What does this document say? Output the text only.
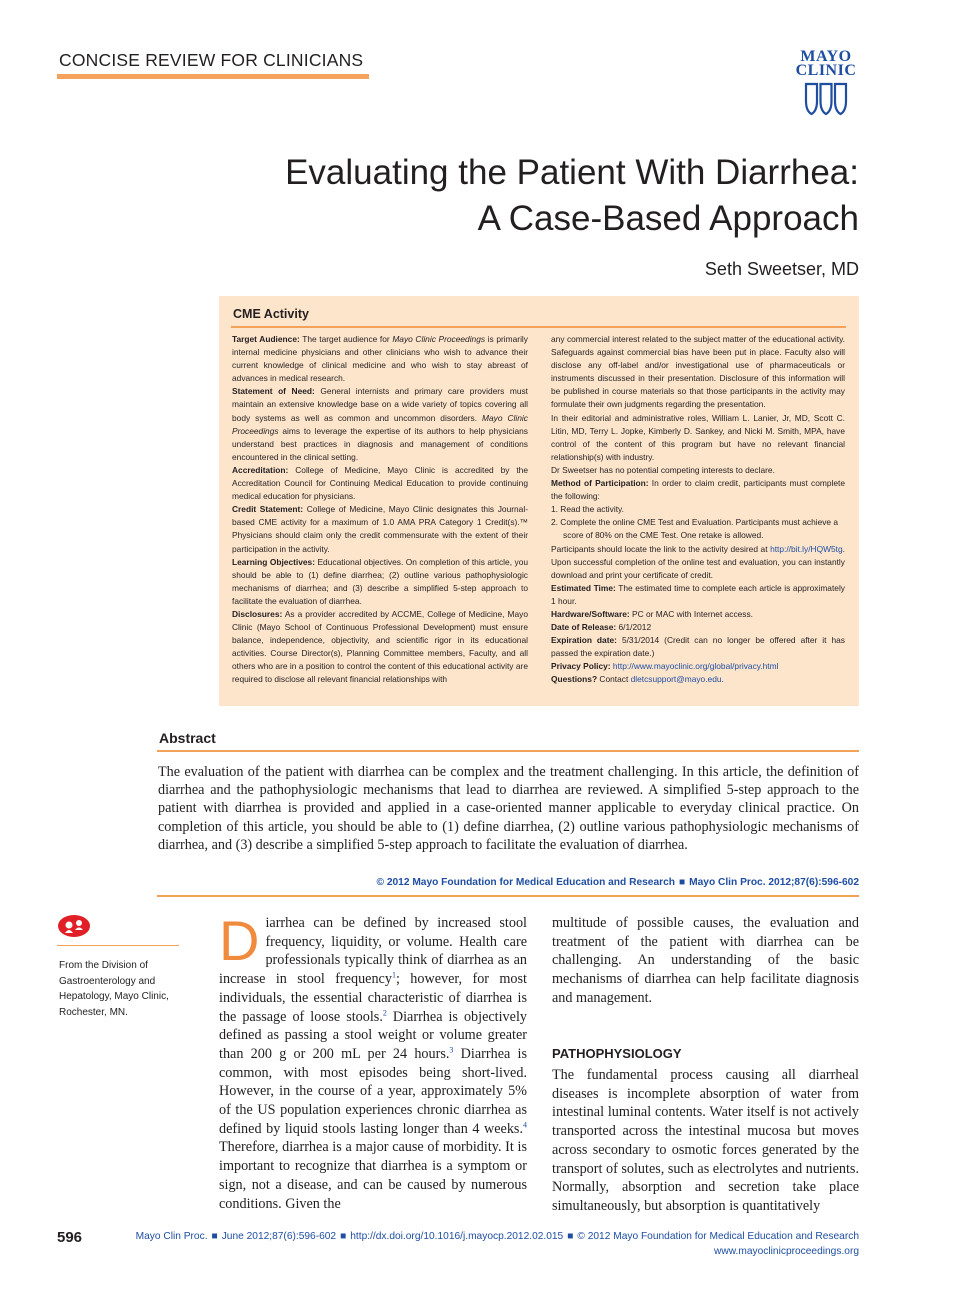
CONCISE REVIEW FOR CLINICIANS	MAYO
CLINIC
Evaluating the Patient With Diarrhea:
A Case-Based Approach
Seth Sweetser, MD
CME Activity

Target Audience: The target audience for Mayo Clinic Proceedings is primarily internal medicine physicians and other clinicians who wish to advance their current knowledge of clinical medicine and who wish to stay abreast of advances in medical research.

Statement of Need: General internists and primary care providers must maintain an extensive knowledge base on a wide variety of topics covering all body systems as well as common and uncommon disorders. Mayo Clinic Proceedings aims to leverage the expertise of its authors to help physicians understand best practices in diagnosis and management of conditions encountered in the clinical setting.

Accreditation: College of Medicine, Mayo Clinic is accredited by the Accreditation Council for Continuing Medical Education to provide continuing medical education for physicians.

Credit Statement: College of Medicine, Mayo Clinic designates this Journal-based CME activity for a maximum of 1.0 AMA PRA Category 1 Credit(s).™ Physicians should claim only the credit commensurate with the extent of their participation in the activity.

Learning Objectives: Educational objectives. On completion of this article, you should be able to (1) define diarrhea; (2) outline various pathophysiologic mechanisms of diarrhea; and (3) describe a simplified 5-step approach to facilitate the evaluation of diarrhea.

Disclosures: As a provider accredited by ACCME, College of Medicine, Mayo Clinic (Mayo School of Continuous Professional Development) must ensure balance, independence, objectivity, and scientific rigor in its educational activities. Course Director(s), Planning Committee members, Faculty, and all others who are in a position to control the content of this educational activity are required to disclose all relevant financial relationships with

any commercial interest related to the subject matter of the educational activity. Safeguards against commercial bias have been put in place. Faculty also will disclose any off-label and/or investigational use of pharmaceuticals or instruments discussed in their presentation. Disclosure of this information will be published in course materials so that those participants in the activity may formulate their own judgments regarding the presentation.

In their editorial and administrative roles, William L. Lanier, Jr, MD, Scott C. Litin, MD, Terry L. Jopke, Kimberly D. Sankey, and Nicki M. Smith, MPA, have control of the content of this program but have no relevant financial relationship(s) with industry.

Dr Sweetser has no potential competing interests to declare.

Method of Participation: In order to claim credit, participants must complete the following:

1. Read the activity.
2. Complete the online CME Test and Evaluation. Participants must achieve a score of 80% on the CME Test. One retake is allowed.

Participants should locate the link to the activity desired at http://bit.ly/HQW5tg. Upon successful completion of the online test and evaluation, you can instantly download and print your certificate of credit.

Estimated Time: The estimated time to complete each article is approximately 1 hour.

Hardware/Software: PC or MAC with Internet access.

Date of Release: 6/1/2012

Expiration date: 5/31/2014 (Credit can no longer be offered after it has passed the expiration date.)

Privacy Policy: http://www.mayoclinic.org/global/privacy.html

Questions? Contact dletcsupport@mayo.edu.

Abstract
The evaluation of the patient with diarrhea can be complex and the treatment challenging. In this article, the definition of diarrhea and the pathophysiologic mechanisms that lead to diarrhea are reviewed. A simplified 5-step approach to the patient with diarrhea is provided and applied in a case-oriented manner applicable to everyday clinical practice. On completion of this article, you should be able to (1) define diarrhea, (2) outline various pathophysiologic mechanisms of diarrhea, and (3) describe a simplified 5-step approach to facilitate the evaluation of diarrhea.
© 2012 Mayo Foundation for Medical Education and Research ■ Mayo Clin Proc. 2012;87(6):596-602
From the Division of Gastroenterology and Hepatology, Mayo Clinic, Rochester, MN.
Diarrhea can be defined by increased stool frequency, liquidity, or volume. Health care professionals typically think of diarrhea as an increase in stool frequency$^1$; however, for most individuals, the essential characteristic of diarrhea is the passage of loose stools.$^2$ Diarrhea is objectively defined as passing a stool weight or volume greater than 200 g or 200 mL per 24 hours.$^3$ Diarrhea is common, with most episodes being short-lived. However, in the course of a year, approximately 5% of the US population experiences chronic diarrhea as defined by liquid stools lasting longer than 4 weeks.$^4$ Therefore, diarrhea is a major cause of morbidity. It is important to recognize that diarrhea is a symptom or sign, not a disease, and can be caused by numerous conditions. Given the
multitude of possible causes, the evaluation and treatment of the patient with diarrhea can be challenging. An understanding of the basic mechanisms of diarrhea can help facilitate diagnosis and management.
PATHOPHYSIOLOGY
The fundamental process causing all diarrheal diseases is incomplete absorption of water from intestinal luminal contents. Water itself is not actively transported across the intestinal mucosa but moves across secondary to osmotic forces generated by the transport of solutes, such as electrolytes and nutrients. Normally, absorption and secretion take place simultaneously, but absorption is quantitatively
596	Mayo Clin Proc. ■ June 2012;87(6):596-602 ■ http://dx.doi.org/10.1016/j.mayocp.2012.02.015 ■ © 2012 Mayo Foundation for Medical Education and Research
www.mayoclinicproceedings.org
